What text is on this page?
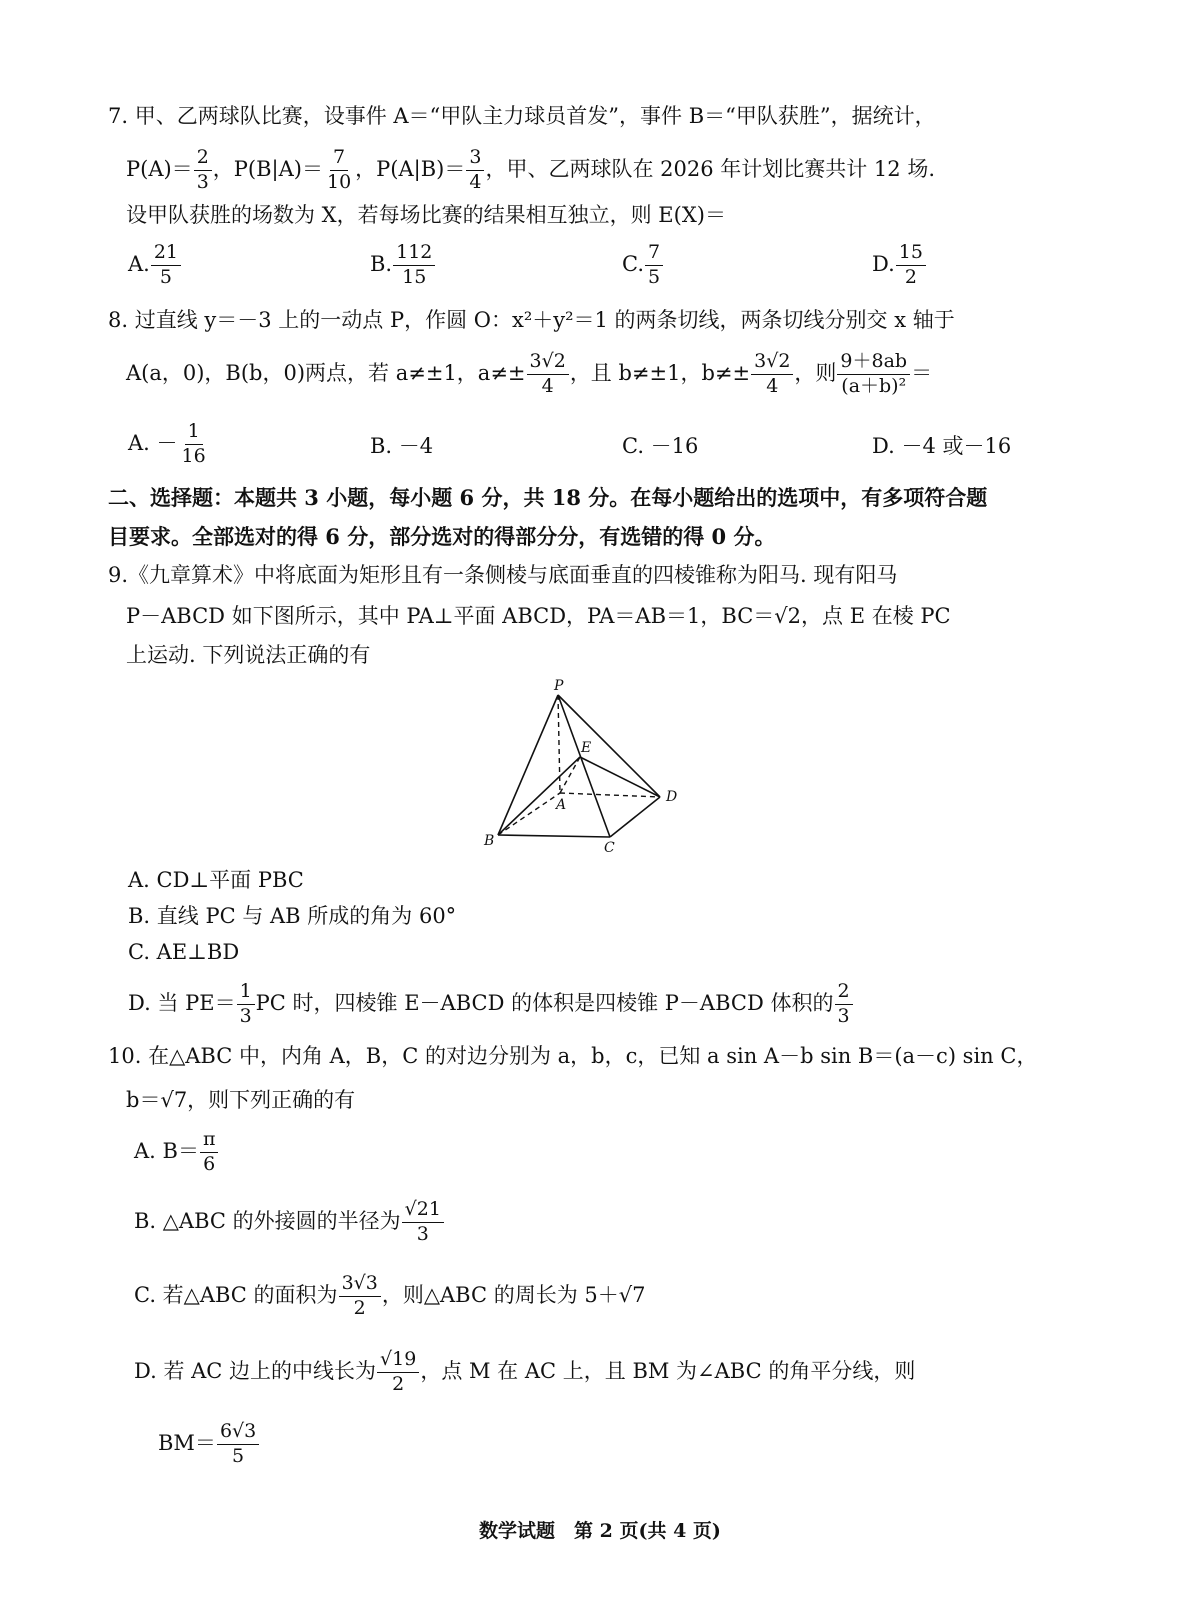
7. 甲、乙两球队比赛，设事件 A＝“甲队主力球员首发”，事件 B＝“甲队获胜”，据统计，
$P(A)= \frac{2}{3}$ ，$P(B|A)= \frac{7}{10}$ ，$P(A|B)= \frac{3}{4}$ ，甲、乙两球队在 2026 年计划比赛共计 12 场.
设甲队获胜的场数为 X，若每场比赛的结果相互独立，则 E(X)＝
A. $\frac{21}{5}$	B. $\frac{112}{15}$	C. $\frac{7}{5}$	D. $\frac{15}{2}$
8. 过直线 y＝－3 上的一动点 P，作圆 O：x²＋y²＝1 的两条切线，两条切线分别交 x 轴于
A(a，0)，B(b，0)两点，若 a≠±1，$a\ne\pm \frac{3√2}{4}$ ，且 b≠±1，$b\ne\pm \frac{3√2}{4}$ ，则 $\frac{9+8ab}{\text{(a＋b)²}}$ ＝
A. － $\frac{1}{16}$	B. －4	C. －16	D. －4 或－16
二、选择题：本题共 3 小题，每小题 6 分，共 18 分。在每小题给出的选项中，有多项符合题
目要求。全部选对的得 6 分，部分选对的得部分分，有选错的得 0 分。
9.《九章算术》中将底面为矩形且有一条侧棱与底面垂直的四棱锥称为阳马. 现有阳马
P－ABCD 如下图所示，其中 PA⊥平面 ABCD，PA＝AB＝1，BC＝√2，点 E 在棱 PC
上运动. 下列说法正确的有
P
E
A	D
B	C
A. CD⊥平面 PBC
B. 直线 PC 与 AB 所成的角为 60°
C. AE⊥BD
D. 当 $PE= \frac{1}{3}$ PC 时，四棱锥 E－ABCD 的体积是四棱锥 P－ABCD 体积的 $\frac{2}{3}$
10. 在△ABC 中，内角 A，B，C 的对边分别为 a，b，c，已知 a sin A－b sin B＝(a－c) sin C，
b＝√7，则下列正确的有
A. $B= \frac{\pi}{6}$
B. △ABC 的外接圆的半径为 $\frac{√21}{3}$
C. 若△ABC 的面积为 $\frac{3√3}{2}$ ，则△ABC 的周长为 5＋√7
D. 若 AC 边上的中线长为 $\frac{√19}{2}$ ，点 M 在 AC 上，且 BM 为∠ABC 的角平分线，则
$BM= \frac{6√3}{5}$
数学试题　第 2 页(共 4 页)
